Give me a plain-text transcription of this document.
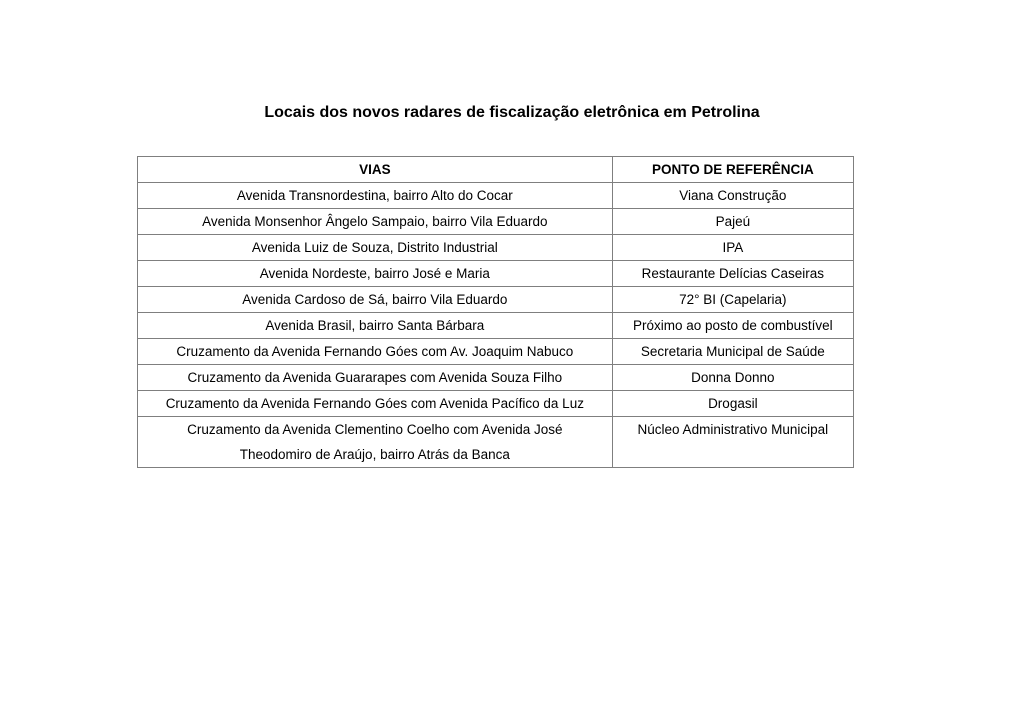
Locais dos novos radares de fiscalização eletrônica em Petrolina
VIAS	PONTO DE REFERÊNCIA
Avenida Transnordestina, bairro Alto do Cocar	Viana Construção
Avenida Monsenhor Ângelo Sampaio, bairro Vila Eduardo	Pajeú
Avenida Luiz de Souza, Distrito Industrial	IPA
Avenida Nordeste, bairro José e Maria	Restaurante Delícias Caseiras
Avenida Cardoso de Sá, bairro Vila Eduardo	72° BI (Capelaria)
Avenida Brasil, bairro Santa Bárbara	Próximo ao posto de combustível
Cruzamento da Avenida Fernando Góes com Av. Joaquim Nabuco	Secretaria Municipal de Saúde
Cruzamento da Avenida Guararapes com Avenida Souza Filho	Donna Donno
Cruzamento da Avenida Fernando Góes com Avenida Pacífico da Luz	Drogasil

Cruzamento da Avenida Clementino Coelho com Avenida José
Theodomiro de Araújo, bairro Atrás da Banca	Núcleo Administrativo Municipal
